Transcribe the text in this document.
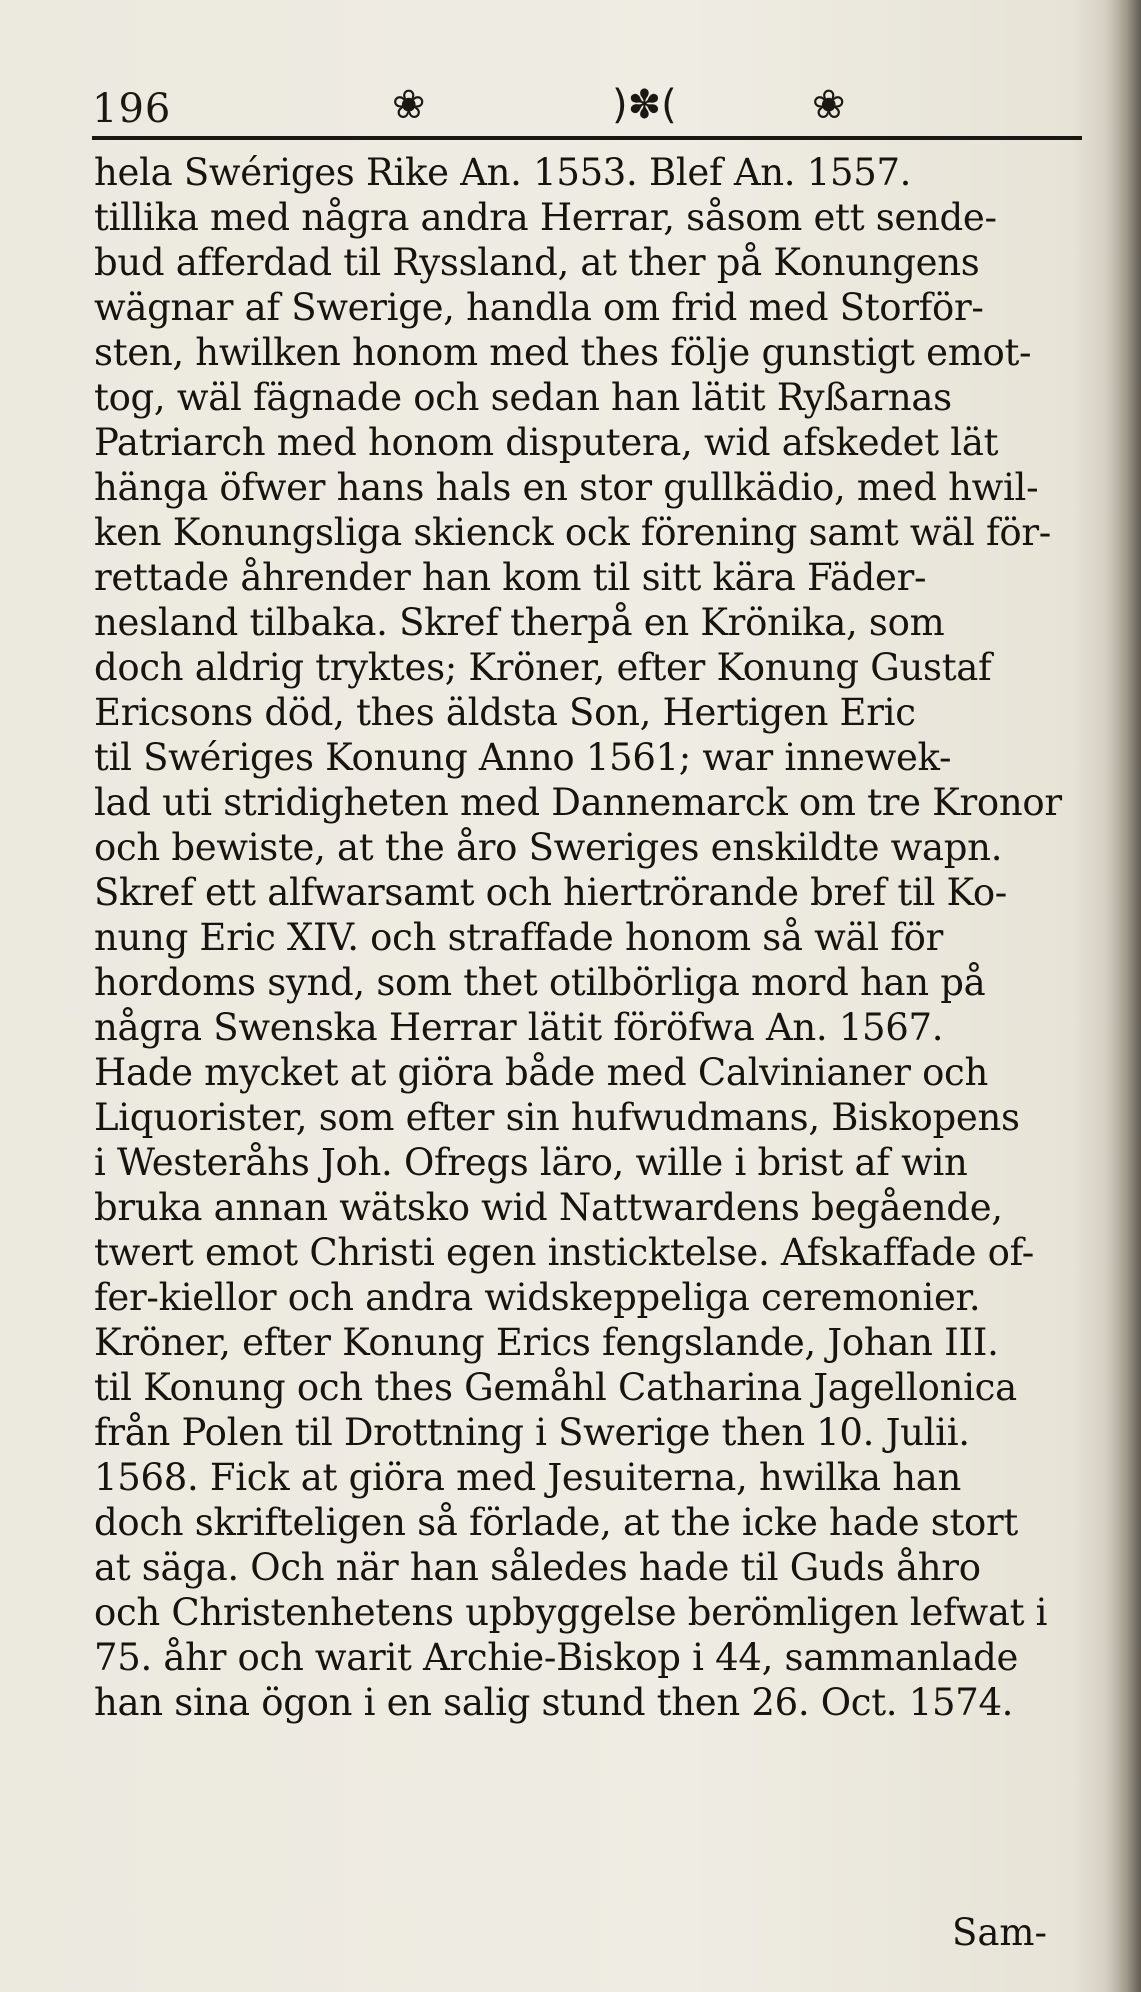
196	❀	)✽(	❀
hela Swériges Rike An. 1553. Blef An. 1557.
tillika med några andra Herrar, såsom ett sende-
bud afferdad til Ryssland, at ther på Konungens
wägnar af Swerige, handla om frid med Storför-
sten, hwilken honom med thes följe gunstigt emot-
tog, wäl fägnade och sedan han lätit Ryßarnas
Patriarch med honom disputera, wid afskedet lät
hänga öfwer hans hals en stor gullkädio, med hwil-
ken Konungsliga skienck ock förening samt wäl för-
rettade åhrender han kom til sitt kära Fäder-
nesland tilbaka. Skref therpå en Krönika, som
doch aldrig tryktes; Kröner, efter Konung Gustaf
Ericsons död, thes äldsta Son, Hertigen Eric
til Swériges Konung Anno 1561; war innewek-
lad uti stridigheten med Dannemarck om tre Kronor
och bewiste, at the åro Sweriges enskildte wapn.
Skref ett alfwarsamt och hiertrörande bref til Ko-
nung Eric XIV. och straffade honom så wäl för
hordoms synd, som thet otilbörliga mord han på
några Swenska Herrar lätit föröfwa An. 1567.
Hade mycket at giöra både med Calvinianer och
Liquorister, som efter sin hufwudmans, Biskopens
i Westeråhs Joh. Ofregs läro, wille i brist af win
bruka annan wätsko wid Nattwardens begående,
twert emot Christi egen insticktelse. Afskaffade of-
fer-kiellor och andra widskeppeliga ceremonier.
Kröner, efter Konung Erics fengslande, Johan III.
til Konung och thes Gemåhl Catharina Jagellonica
från Polen til Drottning i Swerige then 10. Julii.
1568. Fick at giöra med Jesuiterna, hwilka han
doch skrifteligen så förlade, at the icke hade stort
at säga. Och när han således hade til Guds åhro
och Christenhetens upbyggelse berömligen lefwat i
75. åhr och warit Archie-Biskop i 44, sammanlade
han sina ögon i en salig stund then 26. Oct. 1574.
Sam-
